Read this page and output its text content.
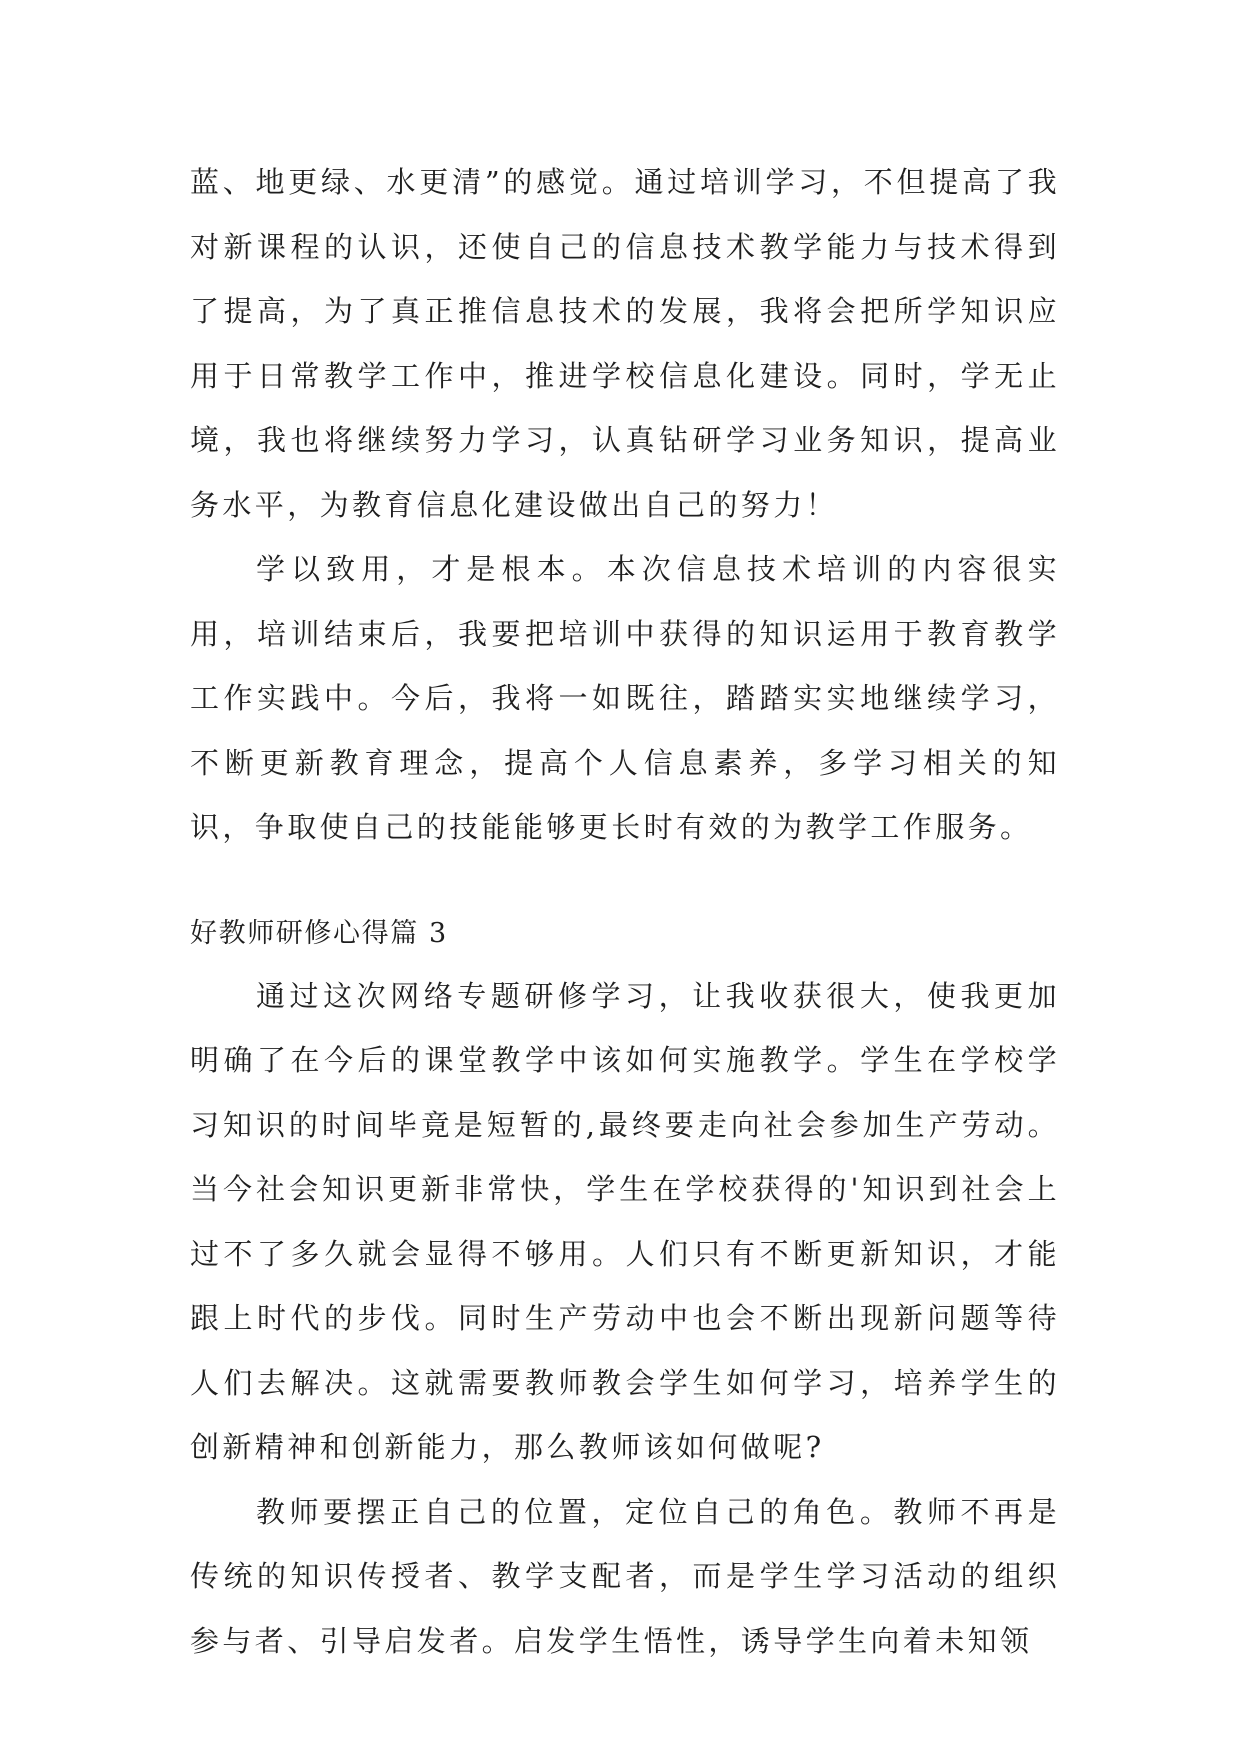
蓝、地更绿、水更清”的感觉。通过培训学习，不但提高了我对新课程的认识，还使自己的信息技术教学能力与技术得到了提高，为了真正推信息技术的发展，我将会把所学知识应用于日常教学工作中，推进学校信息化建设。同时，学无止境，我也将继续努力学习，认真钻研学习业务知识，提高业务水平，为教育信息化建设做出自己的努力！

学以致用，才是根本。本次信息技术培训的内容很实用，培训结束后，我要把培训中获得的知识运用于教育教学工作实践中。今后，我将一如既往，踏踏实实地继续学习，不断更新教育理念，提高个人信息素养，多学习相关的知识，争取使自己的技能能够更长时有效的为教学工作服务。

好教师研修心得篇 3

通过这次网络专题研修学习，让我收获很大，使我更加明确了在今后的课堂教学中该如何实施教学。学生在学校学习知识的时间毕竟是短暂的,最终要走向社会参加生产劳动。当今社会知识更新非常快，学生在学校获得的'知识到社会上过不了多久就会显得不够用。人们只有不断更新知识，才能跟上时代的步伐。同时生产劳动中也会不断出现新问题等待人们去解决。这就需要教师教会学生如何学习，培养学生的创新精神和创新能力，那么教师该如何做呢?

教师要摆正自己的位置，定位自己的角色。教师不再是传统的知识传授者、教学支配者，而是学生学习活动的组织参与者、引导启发者。启发学生悟性，诱导学生向着未知领
